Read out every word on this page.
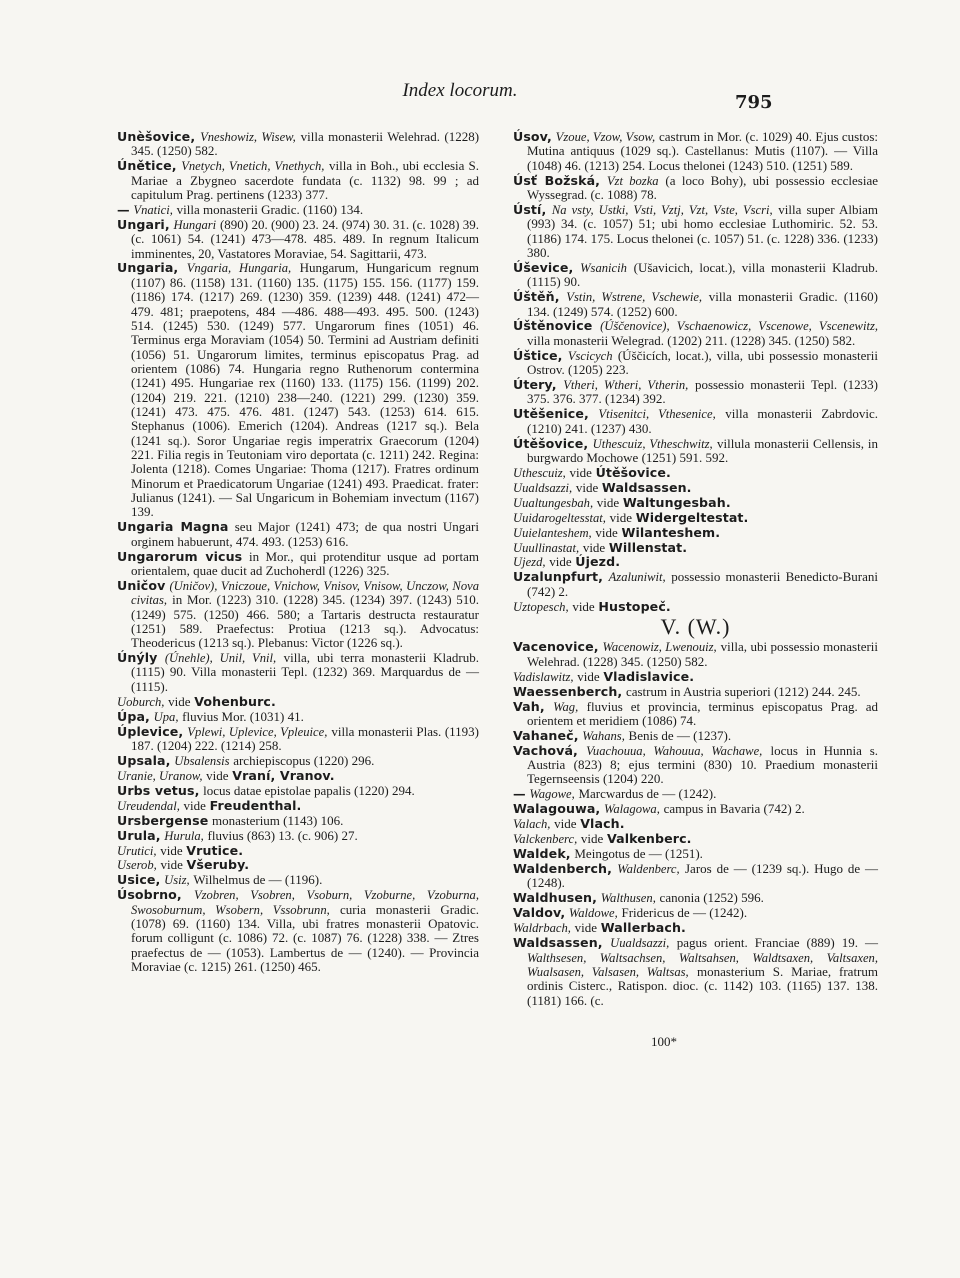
Index locorum.
795
Unèšovice, Vneshowiz, Wisew, villa monasterii Welehrad. (1228) 345. (1250) 582.
Únětice, Vnetych, Vnetich, Vnethych, villa in Boh., ubi ecclesia S. Mariae a Zbygneo sacerdote fundata (c. 1132) 98. 99 ; ad capitulum Prag. pertinens (1233) 377.
— Vnatici, villa monasterii Gradic. (1160) 134.
Ungari, Hungari (890) 20. (900) 23. 24. (974) 30. 31. (c. 1028) 39. (c. 1061) 54. (1241) 473—478. 485. 489. In regnum Italicum imminentes, 20, Vastatores Moraviae, 54. Sagittarii, 473.
Ungaria, Vngaria, Hungaria, Hungarum, Hungaricum regnum (1107) 86. (1158) 131. (1160) 135. (1175) 155. 156. (1177) 159. (1186) 174. (1217) 269. (1230) 359. (1239) 448. (1241) 472—479. 481; praepotens, 484 —486. 488—493. 495. 500. (1243) 514. (1245) 530. (1249) 577. Ungarorum fines (1051) 46. Terminus erga Moraviam (1054) 50. Termini ad Austriam definiti (1056) 51. Ungarorum limites, terminus episcopatus Prag. ad orientem (1086) 74. Hungaria regno Ruthenorum contermina (1241) 495. Hungariae rex (1160) 133. (1175) 156. (1199) 202. (1204) 219. 221. (1210) 238—240. (1221) 299. (1230) 359. (1241) 473. 475. 476. 481. (1247) 543. (1253) 614. 615. Stephanus (1006). Emerich (1204). Andreas (1217 sq.). Bela (1241 sq.). Soror Ungariae regis imperatrix Graecorum (1204) 221. Filia regis in Teutoniam viro deportata (c. 1211) 242. Regina: Jolenta (1218). Comes Ungariae: Thoma (1217). Fratres ordinum Minorum et Praedicatorum Ungariae (1241) 493. Praedicat. frater: Julianus (1241). — Sal Ungaricum in Bohemiam invectum (1167) 139.
Ungaria Magna seu Major (1241) 473; de qua nostri Ungari orginem habuerunt, 474. 493. (1253) 616.
Ungarorum vicus in Mor., qui protenditur usque ad portam orientalem, quae ducit ad Zuchoherdl (1226) 325.
Uničov (Uničov), Vniczoue, Vnichow, Vnisov, Vnisow, Unczow, Nova civitas, in Mor. (1223) 310. (1228) 345. (1234) 397. (1243) 510. (1249) 575. (1250) 466. 580; a Tartaris destructa restauratur (1251) 589. Praefectus: Protiua (1213 sq.). Advocatus: Theodericus (1213 sq.). Plebanus: Victor (1226 sq.).
Únýly (Únehle), Unil, Vnil, villa, ubi terra monasterii Kladrub. (1115) 90. Villa monasterii Tepl. (1232) 369. Marquardus de — (1115).
Uoburch, vide Vohenburc.
Úpa, Upa, fluvius Mor. (1031) 41.
Úplevice, Vplewi, Uplevice, Vpleuice, villa monasterii Plas. (1193) 187. (1204) 222. (1214) 258.
Upsala, Ubsalensis archiepiscopus (1220) 296.
Uranie, Uranow, vide Vraní, Vranov.
Urbs vetus, locus datae epistolae papalis (1220) 294.
Ureudendal, vide Freudenthal.
Ursbergense monasterium (1143) 106.
Urula, Hurula, fluvius (863) 13. (c. 906) 27.
Urutici, vide Vrutice.
Userob, vide Všeruby.
Usice, Usiz, Wilhelmus de — (1196).
Úsobrno, Vzobren, Vsobren, Vsoburn, Vzoburne, Vzoburna, Swosoburnum, Wsobern, Vssobrunn, curia monasterii Gradic. (1078) 69. (1160) 134. Villa, ubi fratres monasterii Opatovic. forum colligunt (c. 1086) 72. (c. 1087) 76. (1228) 338. — Ztres praefectus de — (1053). Lambertus de — (1240). — Provincia Moraviae (c. 1215) 261. (1250) 465.
Úsov, Vzoue, Vzow, Vsow, castrum in Mor. (c. 1029) 40. Ejus custos: Mutina antiquus (1029 sq.). Castellanus: Mutis (1107). — Villa (1048) 46. (1213) 254. Locus thelonei (1243) 510. (1251) 589.
Úsť Božská, Vzt bozka (a loco Bohy), ubi possessio ecclesiae Wyssegrad. (c. 1088) 78.
Ústí, Na vsty, Ustki, Vsti, Vztj, Vzt, Vste, Vscri, villa super Albiam (993) 34. (c. 1057) 51; ubi homo ecclesiae Luthomiric. 52. 53. (1186) 174. 175. Locus thelonei (c. 1057) 51. (c. 1228) 336. (1233) 380.
Úševice, Wsanicih (Ušavicich, locat.), villa monasterii Kladrub. (1115) 90.
Úštěň, Vstin, Wstrene, Vschewie, villa monasterii Gradic. (1160) 134. (1249) 574. (1252) 600.
Úštěnovice (Úščenovice), Vschaenowicz, Vscenowe, Vscenewitz, villa monasterii Welegrad. (1202) 211. (1228) 345. (1250) 582.
Úštice, Vscicych (Úščicích, locat.), villa, ubi possessio monasterii Ostrov. (1205) 223.
Útery, Vtheri, Wtheri, Vtherin, possessio monasterii Tepl. (1233) 375. 376. 377. (1234) 392.
Utěšenice, Vtisenitci, Vthesenice, villa monasterii Zabrdovic. (1210) 241. (1237) 430.
Útěšovice, Uthescuiz, Vtheschwitz, villula monasterii Cellensis, in burgwardo Mochowe (1251) 591. 592.
Uthescuiz, vide Útěšovice.
Uualdsazzi, vide Waldsassen.
Uualtungesbah, vide Waltungesbah.
Uuidarogeltesstat, vide Widergeltestat.
Uuielanteshem, vide Wilanteshem.
Uuullinastat, vide Willenstat.
Ujezd, vide Újezd.
Uzalunpfurt, Azaluniwit, possessio monasterii Benedicto-Burani (742) 2.
Uztopesch, vide Hustopeč.
V. (W.)
Vacenovice, Wacenowiz, Lwenouiz, villa, ubi possessio monasterii Welehrad. (1228) 345. (1250) 582.
Vadislawitz, vide Vladislavice.
Waessenberch, castrum in Austria superiori (1212) 244. 245.
Vah, Wag, fluvius et provincia, terminus episcopatus Prag. ad orientem et meridiem (1086) 74.
Vahaneč, Wahans, Benis de — (1237).
Vachová, Vuachouua, Wahouua, Wachawe, locus in Hunnia s. Austria (823) 8; ejus termini (830) 10. Praedium monasterii Tegernseensis (1204) 220.
— Wagowe, Marcwardus de — (1242).
Walagouwa, Walagowa, campus in Bavaria (742) 2.
Valach, vide Vlach.
Valckenberc, vide Valkenberc.
Waldek, Meingotus de — (1251).
Waldenberch, Waldenberc, Jaros de — (1239 sq.). Hugo de — (1248).
Waldhusen, Walthusen, canonia (1252) 596.
Valdov, Waldowe, Fridericus de — (1242).
Waldrbach, vide Wallerbach.
Waldsassen, Uualdsazzi, pagus orient. Franciae (889) 19. — Walthsesen, Waltsachsen, Waltsahsen, Waldtsaxen, Valtsaxen, Wualsasen, Valsasen, Waltsas, monasterium S. Mariae, fratrum ordinis Cisterc., Ratispon. dioc. (c. 1142) 103. (1165) 137. 138. (1181) 166. (c.
100*
